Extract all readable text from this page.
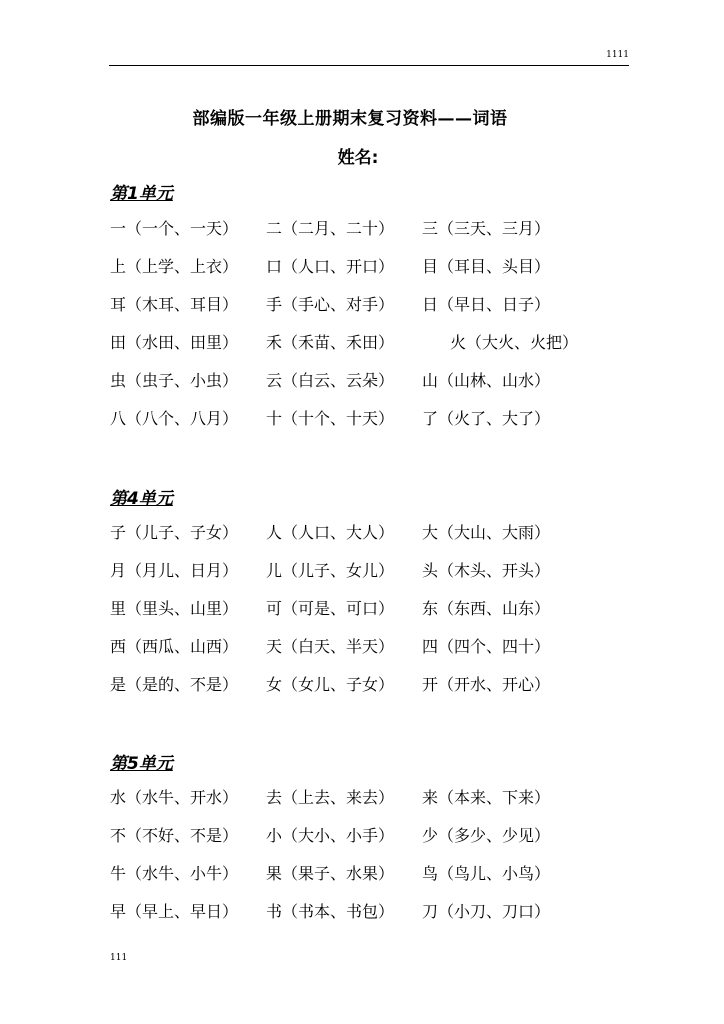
1111
部编版一年级上册期末复习资料——词语
姓名:
第1单元
一（一个、一天） 二（二月、二十） 三（三天、三月）
上（上学、上衣） 口（人口、开口） 目（耳目、头目）
耳（木耳、耳目） 手（手心、对手） 日（早日、日子）
田（水田、田里） 禾（禾苗、禾田）	火（大火、火把）
虫（虫子、小虫） 云（白云、云朵） 山（山林、山水）
八（八个、八月） 十（十个、十天） 了（火了、大了）
第4单元
子（儿子、子女） 人（人口、大人） 大（大山、大雨）
月（月儿、日月） 儿（儿子、女儿） 头（木头、开头）
里（里头、山里） 可（可是、可口） 东（东西、山东）
西（西瓜、山西） 天（白天、半天） 四（四个、四十）
是（是的、不是） 女（女儿、子女） 开（开水、开心）
第5单元
水（水牛、开水） 去（上去、来去） 来（本来、下来）
不（不好、不是） 小（大小、小手） 少（多少、少见）
牛（水牛、小牛） 果（果子、水果） 鸟（鸟儿、小鸟）
早（早上、早日） 书（书本、书包） 刀（小刀、刀口）
111
